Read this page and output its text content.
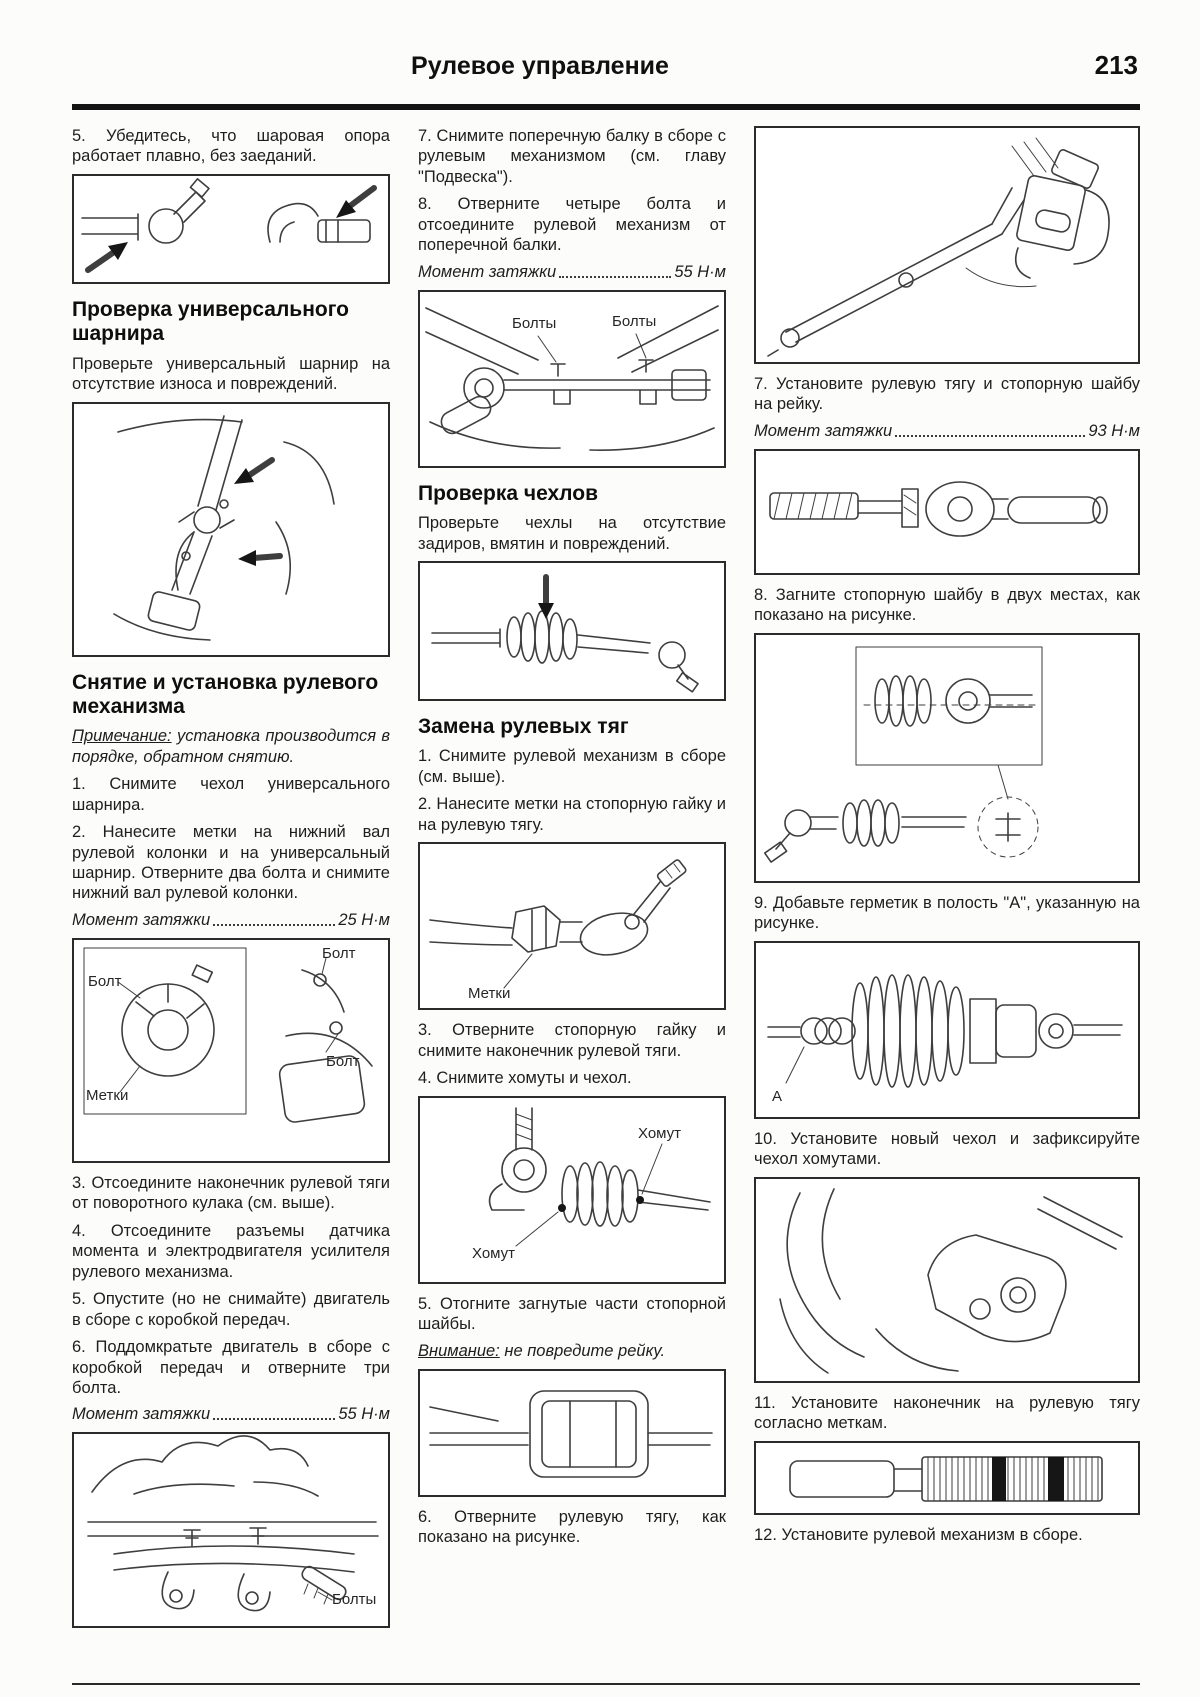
Рулевое управление	213

5. Убедитесь, что шаровая опора работает плавно, без заеданий.

Проверка универсального шарнира

Проверьте универсальный шарнир на отсутствие износа и повреждений.

Снятие и установка рулевого механизма

Примечание: установка производится в порядке, обратном снятию.

1. Снимите чехол универсального шарнира.

2. Нанесите метки на нижний вал рулевой колонки и на универсальный шарнир. Отверните два болта и снимите нижний вал рулевой колонки.

Момент затяжки	25 Н·м
Болт
Метки
Болт
Болт

3. Отсоедините наконечник рулевой тяги от поворотного кулака (см. выше).

4. Отсоедините разъемы датчика момента и электродвигателя усилителя рулевого механизма.

5. Опустите (но не снимайте) двигатель в сборе с коробкой передач.

6. Поддомкратьте двигатель в сборе с коробкой передач и отверните три болта.

Момент затяжки	55 Н·м
Болты

7. Снимите поперечную балку в сборе с рулевым механизмом (см. главу "Подвеска").

8. Отверните четыре болта и отсоедините рулевой механизм от поперечной балки.

Момент затяжки	55 Н·м
Болты	Болты
Проверка чехлов

Проверьте чехлы на отсутствие задиров, вмятин и повреждений.

Замена рулевых тяг

1. Снимите рулевой механизм в сборе (см. выше).

2. Нанесите метки на стопорную гайку и на рулевую тягу.

Метки

3. Отверните стопорную гайку и снимите наконечник рулевой тяги.

4. Снимите хомуты и чехол.

Хомут
Хомут

5. Отогните загнутые части стопорной шайбы.

Внимание: не повредите рейку.

6. Отверните рулевую тягу, как показано на рисунке.

7. Установите рулевую тягу и стопорную шайбу на рейку.

Момент затяжки	93 Н·м

8. Загните стопорную шайбу в двух местах, как показано на рисунке.

9. Добавьте герметик в полость "А", указанную на рисунке.

А

10. Установите новый чехол и зафиксируйте чехол хомутами.

11. Установите наконечник на рулевую тягу согласно меткам.

12. Установите рулевой механизм в сборе.
